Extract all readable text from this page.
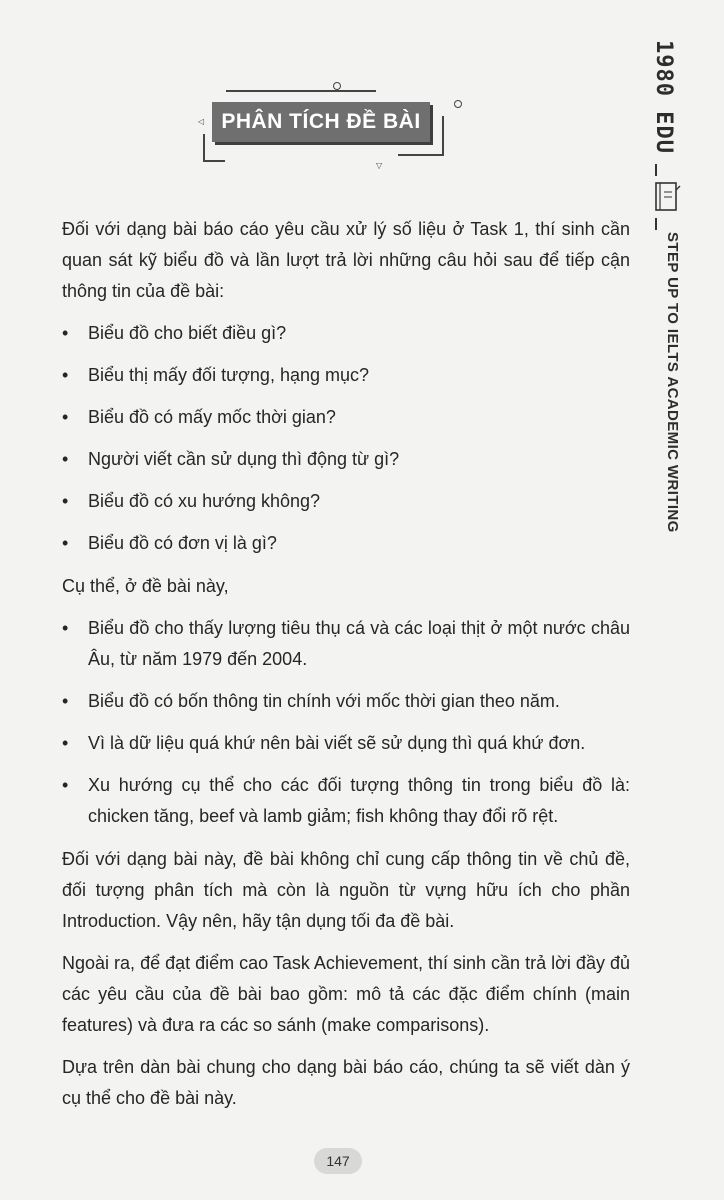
◁
▽
PHÂN TÍCH ĐỀ BÀI	1980 EDU
STEP UP TO IELTS ACADEMIC WRITING

Đối với dạng bài báo cáo yêu cầu xử lý số liệu ở Task 1, thí sinh cần quan sát kỹ biểu đồ và lần lượt trả lời những câu hỏi sau để tiếp cận thông tin của đề bài:

• Biểu đồ cho biết điều gì?
• Biểu thị mấy đối tượng, hạng mục?
• Biểu đồ có mấy mốc thời gian?
• Người viết cần sử dụng thì động từ gì?
• Biểu đồ có xu hướng không?
• Biểu đồ có đơn vị là gì?

Cụ thể, ở đề bài này,

• Biểu đồ cho thấy lượng tiêu thụ cá và các loại thịt ở một nước châu Âu, từ năm 1979 đến 2004.
• Biểu đồ có bốn thông tin chính với mốc thời gian theo năm.
• Vì là dữ liệu quá khứ nên bài viết sẽ sử dụng thì quá khứ đơn.
• Xu hướng cụ thể cho các đối tượng thông tin trong biểu đồ là: chicken tăng, beef và lamb giảm; fish không thay đổi rõ rệt.

Đối với dạng bài này, đề bài không chỉ cung cấp thông tin về chủ đề, đối tượng phân tích mà còn là nguồn từ vựng hữu ích cho phần Introduction. Vậy nên, hãy tận dụng tối đa đề bài.

Ngoài ra, để đạt điểm cao Task Achievement, thí sinh cần trả lời đầy đủ các yêu cầu của đề bài bao gồm: mô tả các đặc điểm chính (main features) và đưa ra các so sánh (make comparisons).

Dựa trên dàn bài chung cho dạng bài báo cáo, chúng ta sẽ viết dàn ý cụ thể cho đề bài này.

147
